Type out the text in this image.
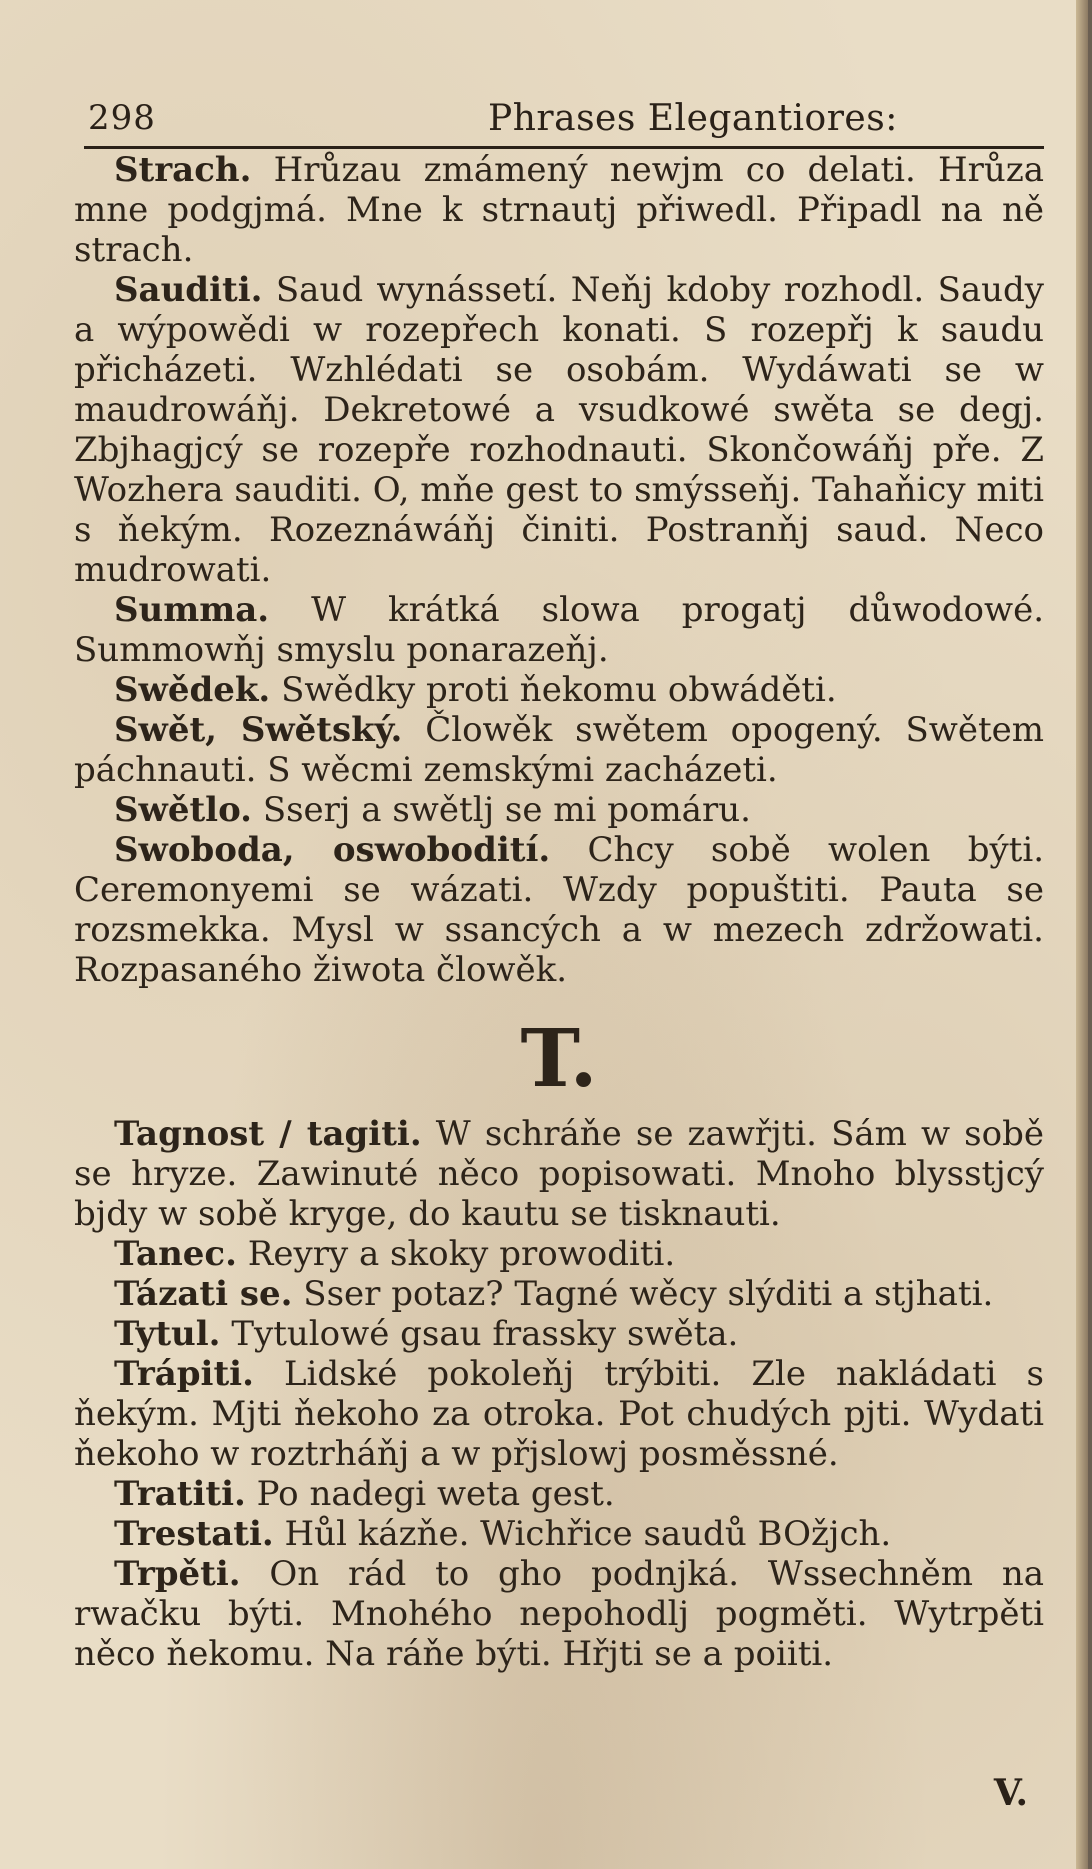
298	Phrases Elegantiores:

Strach. Hrůzau zmámený newjm co delati. Hrůza mne podgjmá. Mne k strnautj přiwedl. Připadl na ně strach.

Sauditi. Saud wynássetí. Neňj kdoby rozhodl. Saudy a wýpowědi w rozepřech konati. S rozepřj k saudu přicházeti. Wzhlédati se osobám. Wydáwati se w maudrowáňj. Dekretowé a vsudkowé swěta se degj. Zbjhagjcý se rozepře rozhodnauti. Skončowáňj pře. Z Wozhera sauditi. O, mňe gest to smýsseňj. Tahaňicy miti s ňekým. Rozeznáwáňj činiti. Postranňj saud. Neco mudrowati.

Summa. W krátká slowa progatj důwodowé. Summowňj smyslu ponarazeňj.

Swědek. Swědky proti ňekomu obwáděti.

Swět, Swětský. Člowěk swětem opogený. Swětem páchnauti. S wěcmi zemskými zacházeti.

Swětlo. Sserj a swětlj se mi pomáru.

Swoboda, oswobodití. Chcy sobě wolen býti. Ceremonyemi se wázati. Wzdy popuštiti. Pauta se rozsmekka. Mysl w ssancých a w mezech zdržowati. Rozpasaného žiwota člowěk.

T.

Tagnost / tagiti. W schráňe se zawřjti. Sám w sobě se hryze. Zawinuté něco popisowati. Mnoho blysstjcý bjdy w sobě kryge, do kautu se tisknauti.

Tanec. Reyry a skoky prowoditi.

Tázati se. Sser potaz? Tagné wěcy slýditi a stjhati.

Tytul. Tytulowé gsau frassky swěta.

Trápiti. Lidské pokoleňj trýbiti. Zle nakládati s ňekým. Mjti ňekoho za otroka. Pot chudých pjti. Wydati ňekoho w roztrháňj a w přjslowj posměssné.

Tratiti. Po nadegi weta gest.

Trestati. Hůl kázňe. Wichřice saudů BOžjch.

Trpěti. On rád to gho podnjká. Wssechněm na rwačku býti. Mnohého nepohodlj pogměti. Wytrpěti něco ňekomu. Na ráňe býti. Hřjti se a poiiti.

V.
